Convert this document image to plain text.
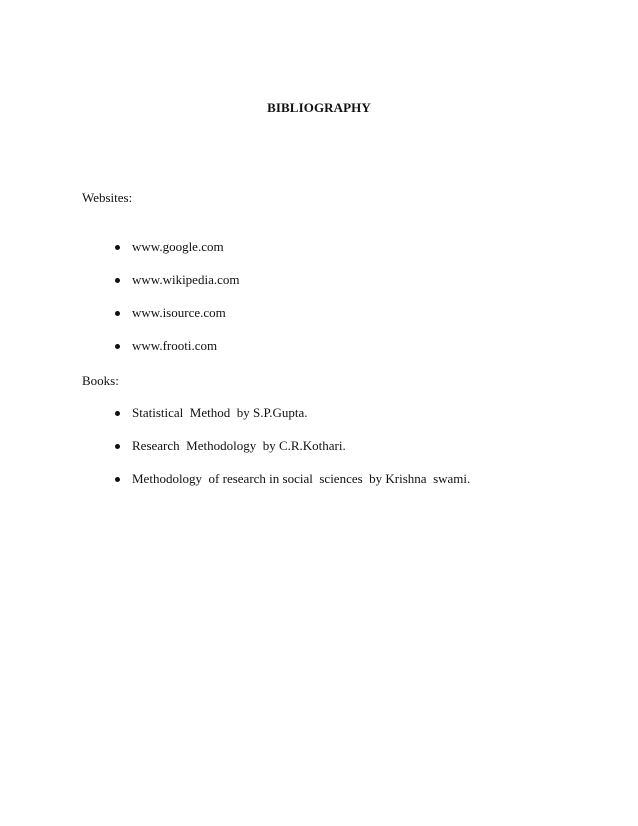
BIBLIOGRAPHY
Websites:
www.google.com
www.wikipedia.com
www.isource.com
www.frooti.com
Books:
Statistical  Method  by S.P.Gupta.
Research  Methodology  by C.R.Kothari.
Methodology  of research in social  sciences  by Krishna  swami.
